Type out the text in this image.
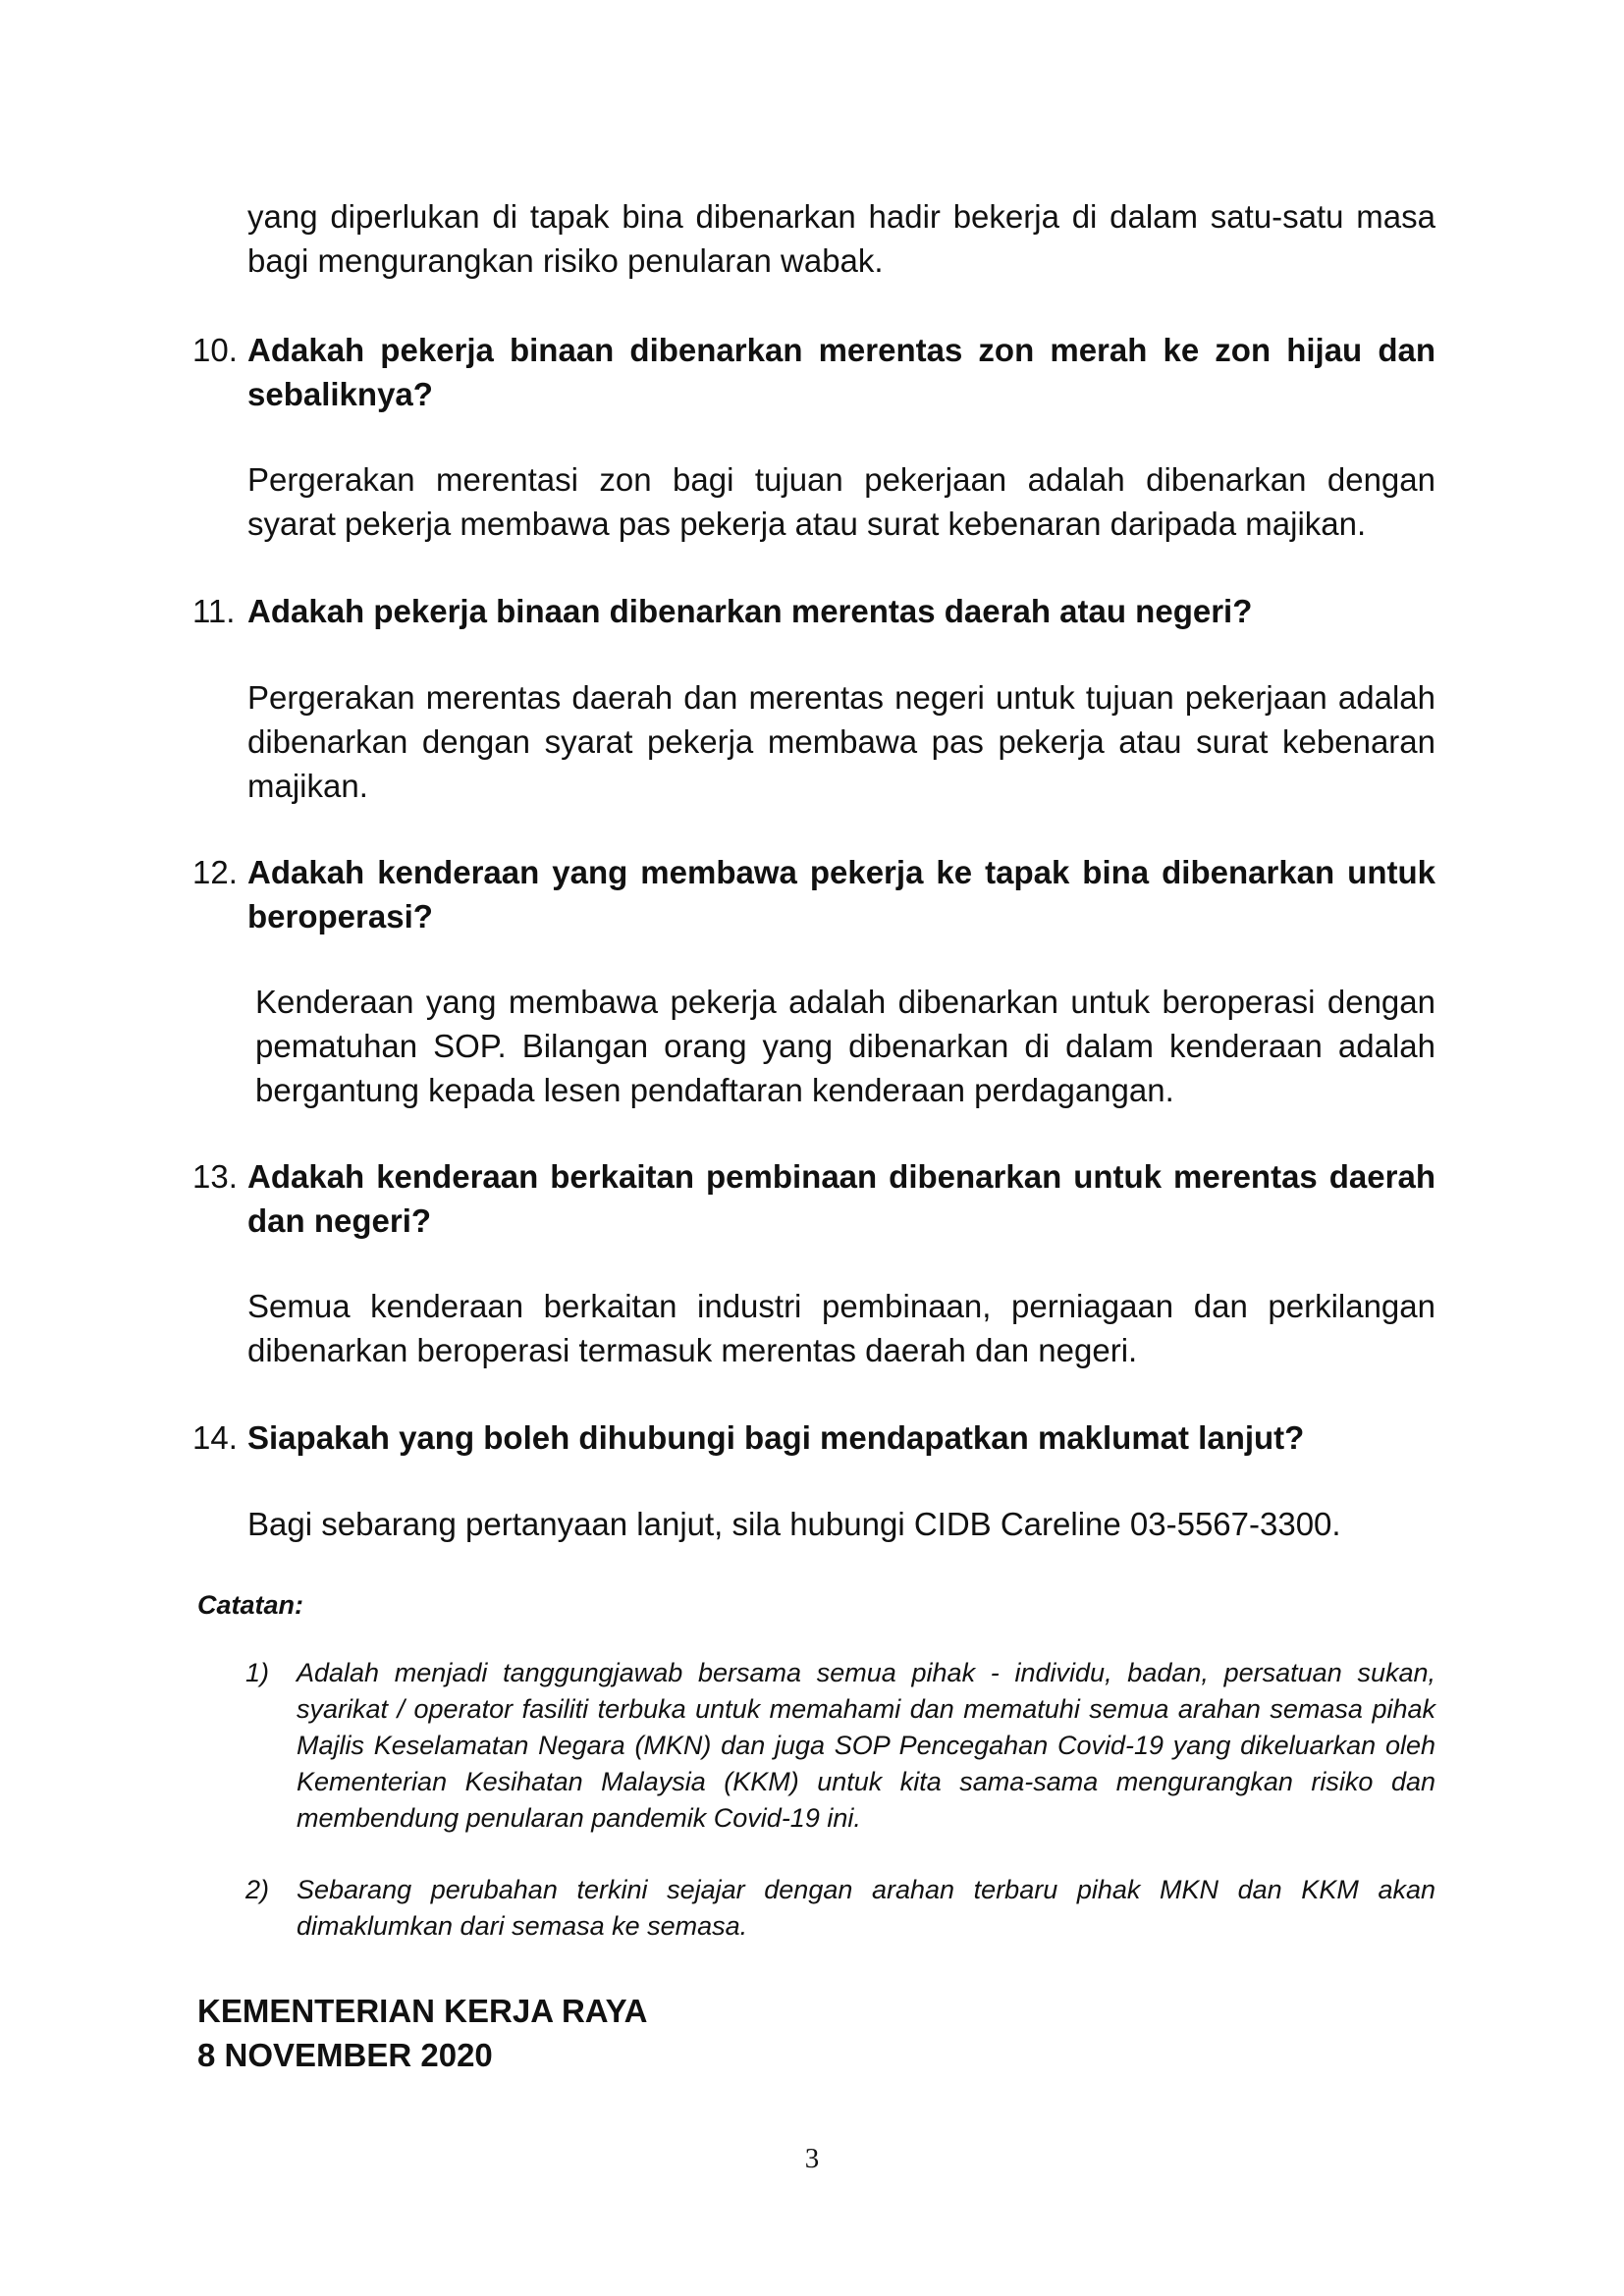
yang diperlukan di tapak bina dibenarkan hadir bekerja di dalam satu-satu masa bagi mengurangkan risiko penularan wabak.

10. Adakah pekerja binaan dibenarkan merentas zon merah ke zon hijau dan sebaliknya?

Pergerakan merentasi zon bagi tujuan pekerjaan adalah dibenarkan dengan syarat pekerja membawa pas pekerja atau surat kebenaran daripada majikan.

11. Adakah pekerja binaan dibenarkan merentas daerah atau negeri?

Pergerakan merentas daerah dan merentas negeri untuk tujuan pekerjaan adalah dibenarkan dengan syarat pekerja membawa pas pekerja atau surat kebenaran majikan.

12. Adakah kenderaan yang membawa pekerja ke tapak bina dibenarkan untuk beroperasi?

Kenderaan yang membawa pekerja adalah dibenarkan untuk beroperasi dengan pematuhan SOP. Bilangan orang yang dibenarkan di dalam kenderaan adalah bergantung kepada lesen pendaftaran kenderaan perdagangan.

13. Adakah kenderaan berkaitan pembinaan dibenarkan untuk merentas daerah dan negeri?

Semua kenderaan berkaitan industri pembinaan, perniagaan dan perkilangan dibenarkan beroperasi termasuk merentas daerah dan negeri.

14. Siapakah yang boleh dihubungi bagi mendapatkan maklumat lanjut?

Bagi sebarang pertanyaan lanjut, sila hubungi CIDB Careline 03-5567-3300.

Catatan:

1)	Adalah menjadi tanggungjawab bersama semua pihak - individu, badan, persatuan sukan, syarikat / operator fasiliti terbuka untuk memahami dan mematuhi semua arahan semasa pihak Majlis Keselamatan Negara (MKN) dan juga SOP Pencegahan Covid-19 yang dikeluarkan oleh Kementerian Kesihatan Malaysia (KKM) untuk kita sama-sama mengurangkan risiko dan membendung penularan pandemik Covid-19 ini.
2)	Sebarang perubahan terkini sejajar dengan arahan terbaru pihak MKN dan KKM akan dimaklumkan dari semasa ke semasa.

KEMENTERIAN KERJA RAYA

8 NOVEMBER 2020

3
